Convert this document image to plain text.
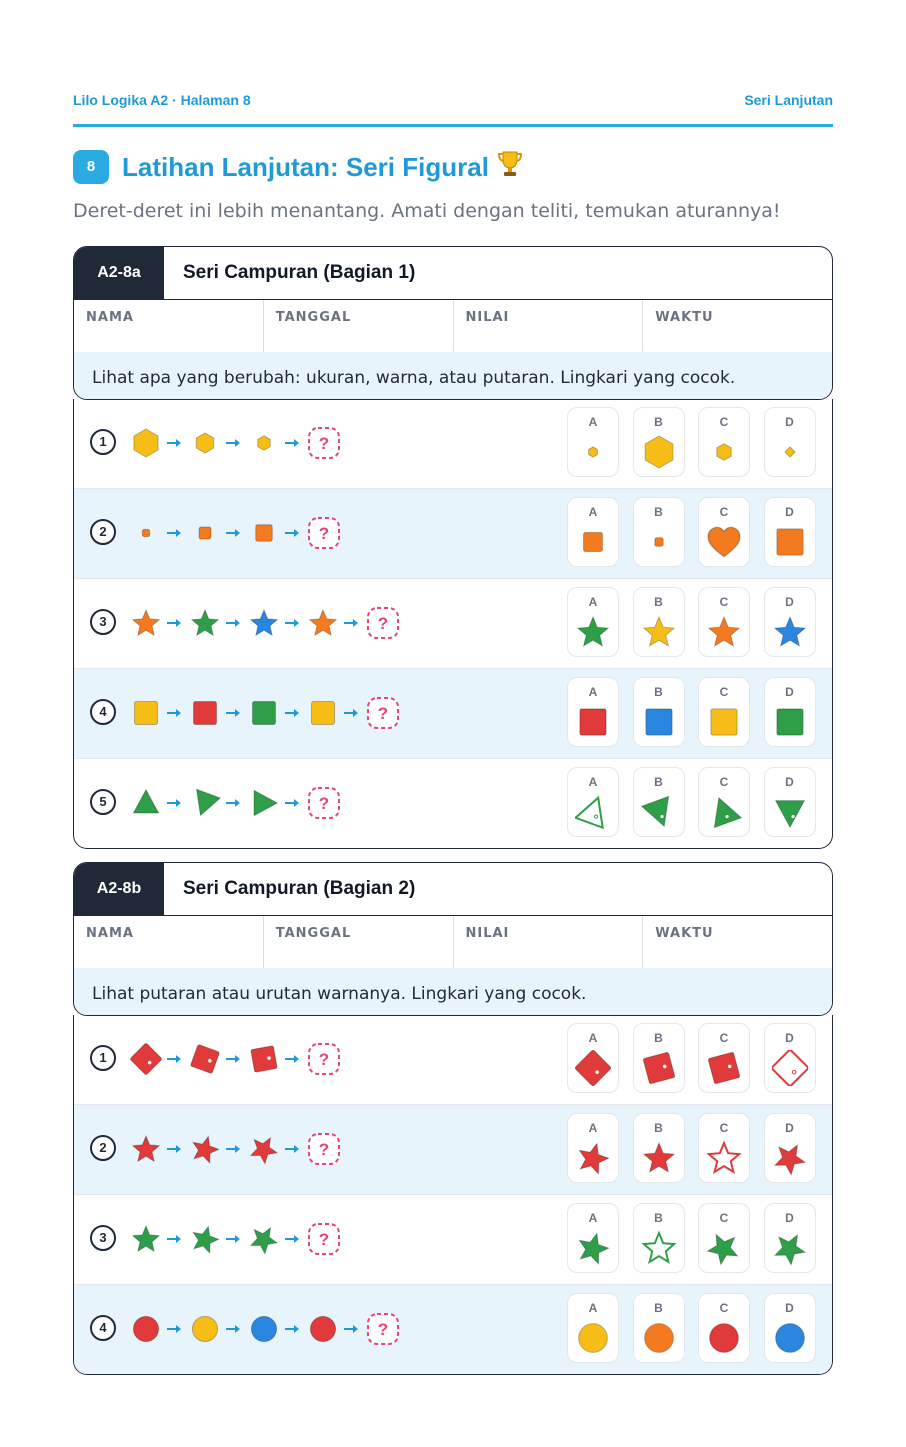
Lilo Logika A2 · Halaman 8	Seri Lanjutan
8	Latihan Lanjutan: Seri Figural
Deret-deret ini lebih menantang. Amati dengan teliti, temukan aturannya!
A2-8a	Seri Campuran (Bagian 1)
NAMA	TANGGAL	NILAI	WAKTU
Lihat apa yang berubah: ukuran, warna, atau putaran. Lingkari yang cocok.
1	?
A	B	C	D
2	?
A	B	C	D
3	?
A	B	C	D
4	?
A	B	C	D
5	?
A	B	C	D
A2-8b	Seri Campuran (Bagian 2)
NAMA	TANGGAL	NILAI	WAKTU
Lihat putaran atau urutan warnanya. Lingkari yang cocok.
1	?
A	B	C	D
2	?
A	B	C	D
3	?
A	B	C	D
4	?
A	B	C	D
